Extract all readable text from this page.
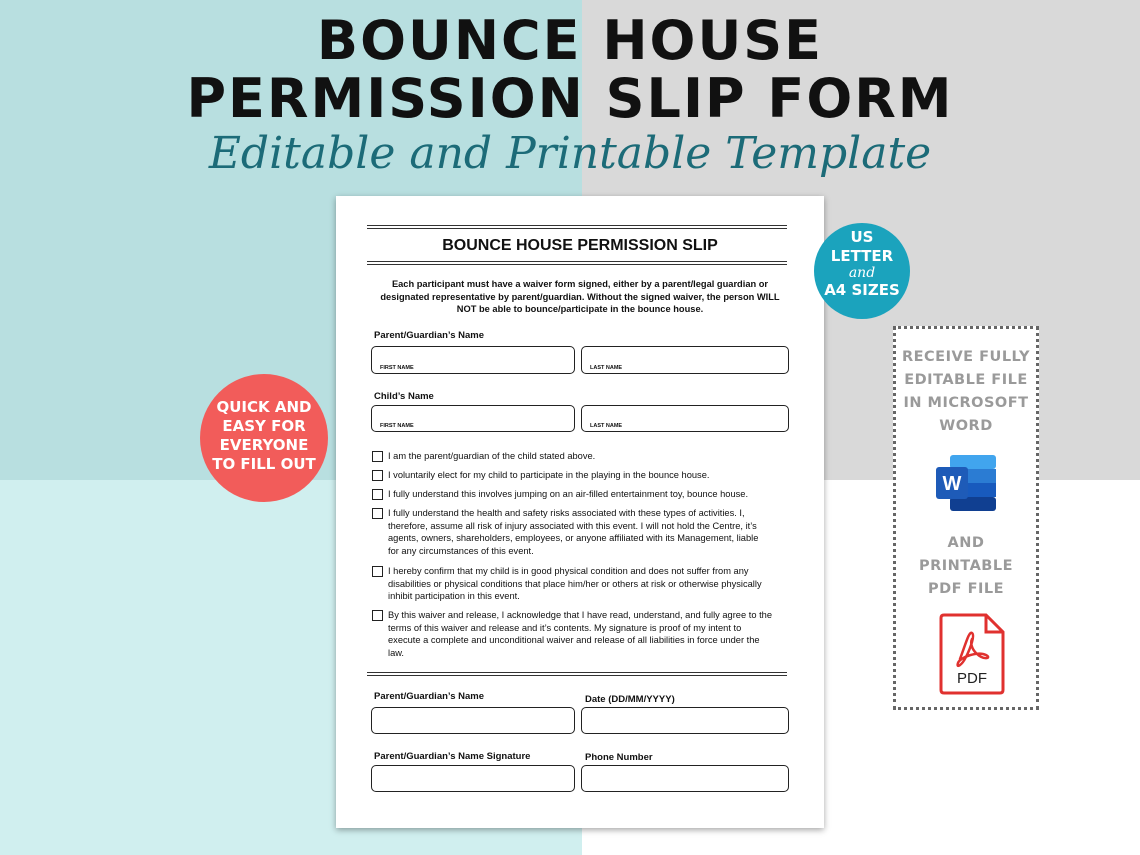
BOUNCE HOUSE
PERMISSION SLIP FORM
Editable and Printable Template
BOUNCE HOUSE PERMISSION SLIP
Each participant must have a waiver form signed, either by a parent/legal guardian or
designated representative by parent/guardian. Without the signed waiver, the person WILL
NOT be able to bounce/participate in the bounce house.
Parent/Guardian’s Name
FIRST NAME	LAST NAME
Child’s Name
FIRST NAME	LAST NAME
I am the parent/guardian of the child stated above.
I voluntarily elect for my child to participate in the playing in the bounce house.
I fully understand this involves jumping on an air-filled entertainment toy, bounce house.
I fully understand the health and safety risks associated with these types of activities. I,
therefore, assume all risk of injury associated with this event. I will not hold the Centre, it’s
agents, owners, shareholders, employees, or anyone affiliated with its Management, liable
for any circumstances of this event.
I hereby confirm that my child is in good physical condition and does not suffer from any
disabilities or physical conditions that place him/her or others at risk or otherwise physically
inhibit participation in this event.
By this waiver and release, I acknowledge that I have read, understand, and fully agree to the
terms of this waiver and release and it’s contents. My signature is proof of my intent to
execute a complete and unconditional waiver and release of all liabilities in force under the
law.
Parent/Guardian’s Name	Date (DD/MM/YYYY)
Parent/Guardian’s Name Signature	Phone Number
US
LETTER
and
A4 SIZES
QUICK AND
EASY FOR
EVERYONE
TO FILL OUT
RECEIVE FULLY
EDITABLE FILE
IN MICROSOFT
WORD
W
AND
PRINTABLE
PDF FILE
PDF
